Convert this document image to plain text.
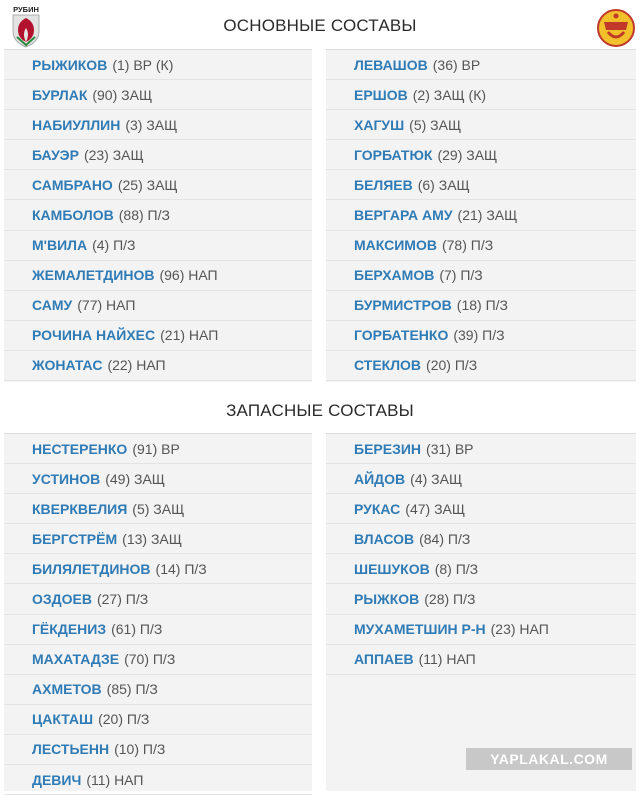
РУБИН
ОСНОВНЫЕ СОСТАВЫ
РЫЖИКОВ (1) ВР (К)
БУРЛАК (90) ЗАЩ
НАБИУЛЛИН (3) ЗАЩ
БАУЭР (23) ЗАЩ
САМБРАНО (25) ЗАЩ
КАМБОЛОВ (88) П/З
М'ВИЛА (4) П/З
ЖЕМАЛЕТДИНОВ (96) НАП
САМУ (77) НАП
РОЧИНА НАЙХЕС (21) НАП
ЖОНАТАС (22) НАП
ЛЕВАШОВ (36) ВР
ЕРШОВ (2) ЗАЩ (К)
ХАГУШ (5) ЗАЩ
ГОРБАТЮК (29) ЗАЩ
БЕЛЯЕВ (6) ЗАЩ
ВЕРГАРА АМУ (21) ЗАЩ
МАКСИМОВ (78) П/З
БЕРХАМОВ (7) П/З
БУРМИСТРОВ (18) П/З
ГОРБАТЕНКО (39) П/З
СТЕКЛОВ (20) П/З
ЗАПАСНЫЕ СОСТАВЫ
НЕСТЕРЕНКО (91) ВР
УСТИНОВ (49) ЗАЩ
КВЕРКВЕЛИЯ (5) ЗАЩ
БЕРГСТРЁМ (13) ЗАЩ
БИЛЯЛЕТДИНОВ (14) П/З
ОЗДОЕВ (27) П/З
ГЁКДЕНИЗ (61) П/З
МАХАТАДЗЕ (70) П/З
АХМЕТОВ (85) П/З
ЦАКТАШ (20) П/З
ЛЕСТЬЕНН (10) П/З
ДЕВИЧ (11) НАП
БЕРЕЗИН (31) ВР
АЙДОВ (4) ЗАЩ
РУКАС (47) ЗАЩ
ВЛАСОВ (84) П/З
ШЕШУКОВ (8) П/З
РЫЖКОВ (28) П/З
МУХАМЕТШИН Р-Н (23) НАП
АППАЕВ (11) НАП
YAPLAKAL.COM
